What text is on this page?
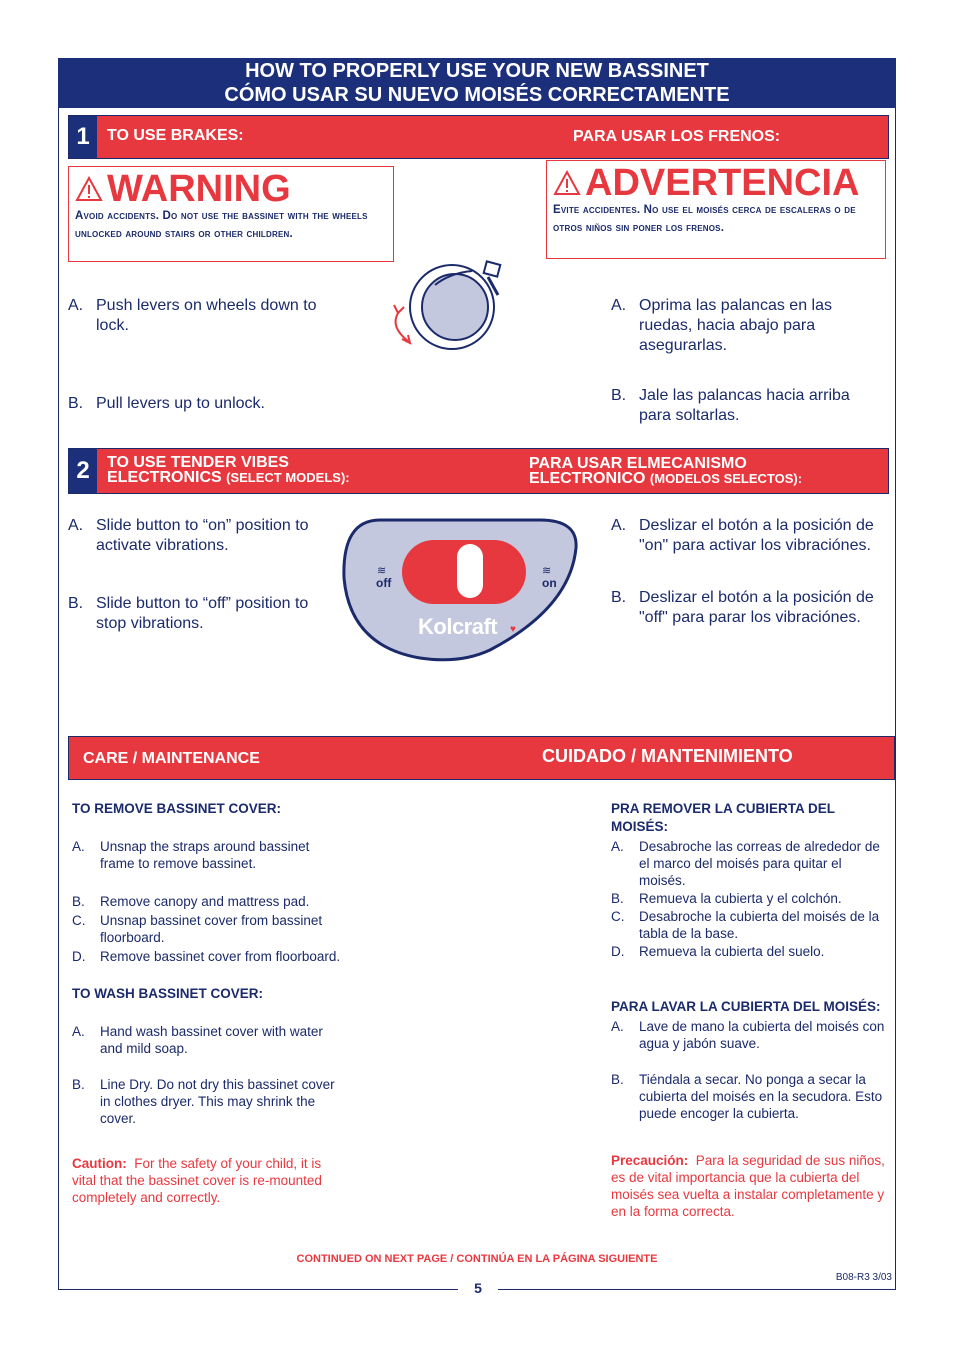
HOW TO PROPERLY USE YOUR NEW BASSINET
CÓMO USAR SU NUEVO MOISÉS CORRECTAMENTE
1	TO USE BRAKES:	PARA USAR LOS FRENOS:
WARNING
Avoid accidents. Do not use the bassinet with the wheels unlocked around stairs or other children.
ADVERTENCIA
Evite accidentes. No use el moisés cerca de escaleras o de otros niños sin poner los frenos.
A. Push levers on wheels down to lock.
B. Pull levers up to unlock.
A. Oprima las palancas en las ruedas, hacia abajo para asegurarlas.
B. Jale las palancas hacia arriba para soltarlas.
2	TO USE TENDER VIBES
ELECTRONICS (SELECT MODELS):
PARA USAR ELMECANISMO
ELECTRONICO (MODELOS SELECTOS):
A. Slide button to “on” position to activate vibrations.
B. Slide button to “off” position to stop vibrations.
off	on
≋	≋
Kolcraft ♥
A. Deslizar el botón a la posición de "on" para activar los vibraciónes.
B. Deslizar el botón a la posición de "off" para parar los vibraciónes.
CARE / MAINTENANCE	CUIDADO / MANTENIMIENTO
TO REMOVE BASSINET COVER:
A.	Unsnap the straps around bassinet frame to remove bassinet.
B.	Remove canopy and mattress pad.
C.	Unsnap bassinet cover from bassinet floorboard.
D.	Remove bassinet cover from floorboard.
TO WASH BASSINET COVER:
A.	Hand wash bassinet cover with water and mild soap.
B.	Line Dry. Do not dry this bassinet cover in clothes dryer. This may shrink the cover.
Caution: For the safety of your child, it is vital that the bassinet cover is re-mounted completely and correctly.
PRA REMOVER LA CUBIERTA DEL MOISÉS:
A.	Desabroche las correas de alrededor de el marco del moisés para quitar el moisés.
B.	Remueva la cubierta y el colchón.
C.	Desabroche la cubierta del moisés de la tabla de la base.
D.	Remueva la cubierta del suelo.
PARA LAVAR LA CUBIERTA DEL MOISÉS:
A.	Lave de mano la cubierta del moisés con agua y jabón suave.
B.	Tiéndala a secar. No ponga a secar la cubierta del moisés en la secudora. Esto puede encoger la cubierta.
Precaución: Para la seguridad de sus niños, es de vital importancia que la cubierta del moisés sea vuelta a instalar completamente y en la forma correcta.
CONTINUED ON NEXT PAGE / CONTINÚA EN LA PÁGINA SIGUIENTE
B08-R3 3/03
5
